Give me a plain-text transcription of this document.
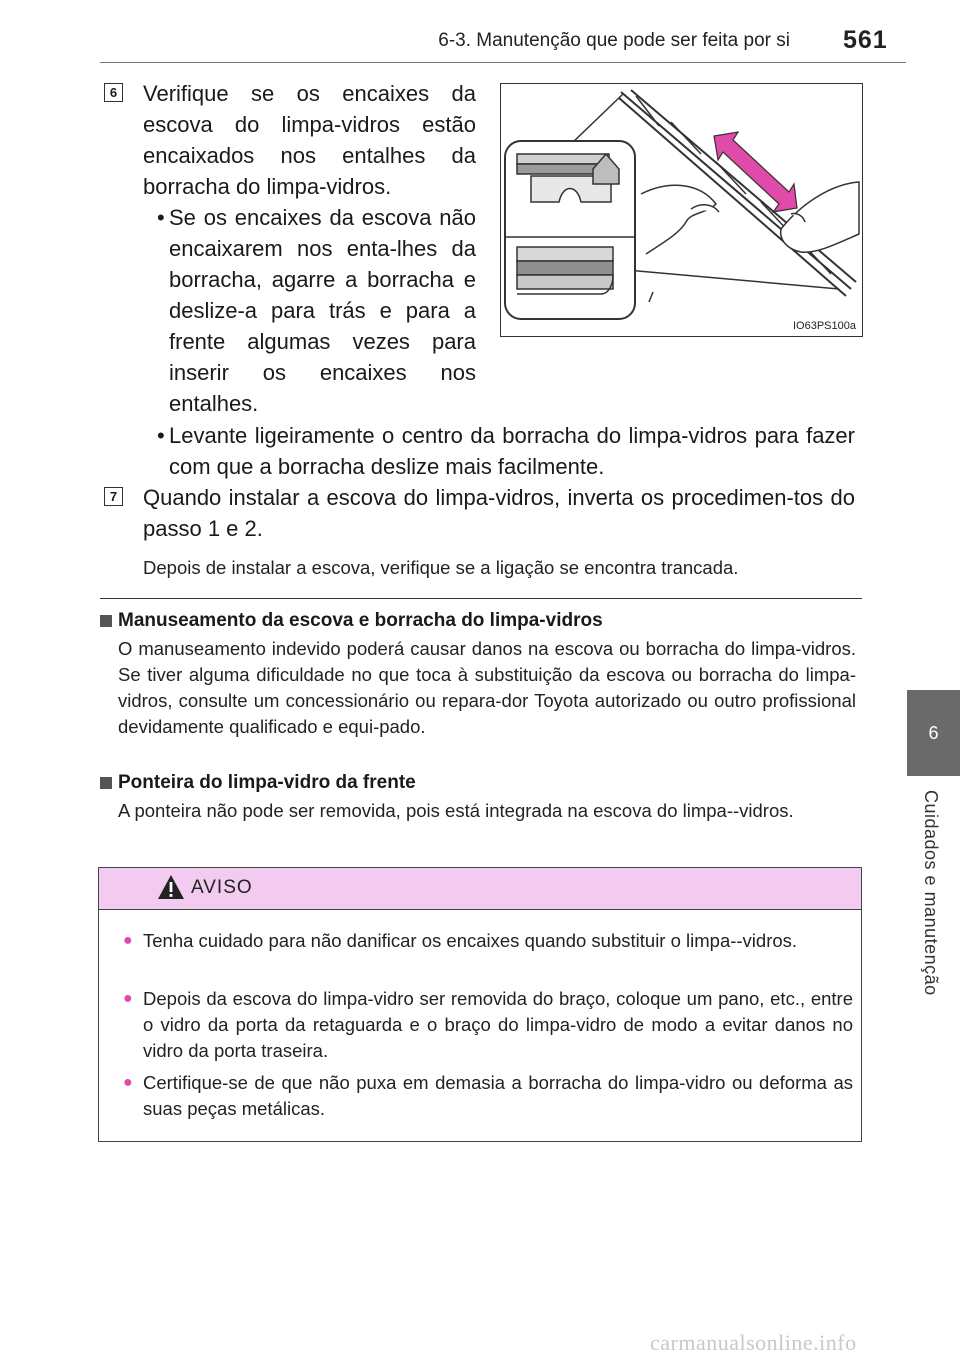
6-3. Manutenção que pode ser feita por si 561
6
Cuidados e manutenção
6 Verifique se os encaixes da escova do limpa-vidros estão encaixados nos entalhes da borracha do limpa-vidros.
• Se os encaixes da escova não encaixarem nos enta-lhes da borracha, agarre a borracha e deslize-a para trás e para a frente algumas vezes para inserir os encaixes nos entalhes.
• Levante ligeiramente o centro da borracha do limpa-vidros para fazer com que a borracha deslize mais facilmente.
IO63PS100a
7 Quando instalar a escova do limpa-vidros, inverta os procedimen-tos do passo 1 e 2.
Depois de instalar a escova, verifique se a ligação se encontra trancada.
Manuseamento da escova e borracha do limpa-vidros
O manuseamento indevido poderá causar danos na escova ou borracha do limpa-vidros. Se tiver alguma dificuldade no que toca à substituição da escova ou borracha do limpa-vidros, consulte um concessionário ou repara-dor Toyota autorizado ou outro profissional devidamente qualificado e equi-pado.
Ponteira do limpa-vidro da frente
A ponteira não pode ser removida, pois está integrada na escova do limpa--vidros.
AVISO
● Tenha cuidado para não danificar os encaixes quando substituir o limpa--vidros.
● Depois da escova do limpa-vidro ser removida do braço, coloque um pano, etc., entre o vidro da porta da retaguarda e o braço do limpa-vidro de modo a evitar danos no vidro da porta traseira.
● Certifique-se de que não puxa em demasia a borracha do limpa-vidro ou deforma as suas peças metálicas.
carmanualsonline.info
